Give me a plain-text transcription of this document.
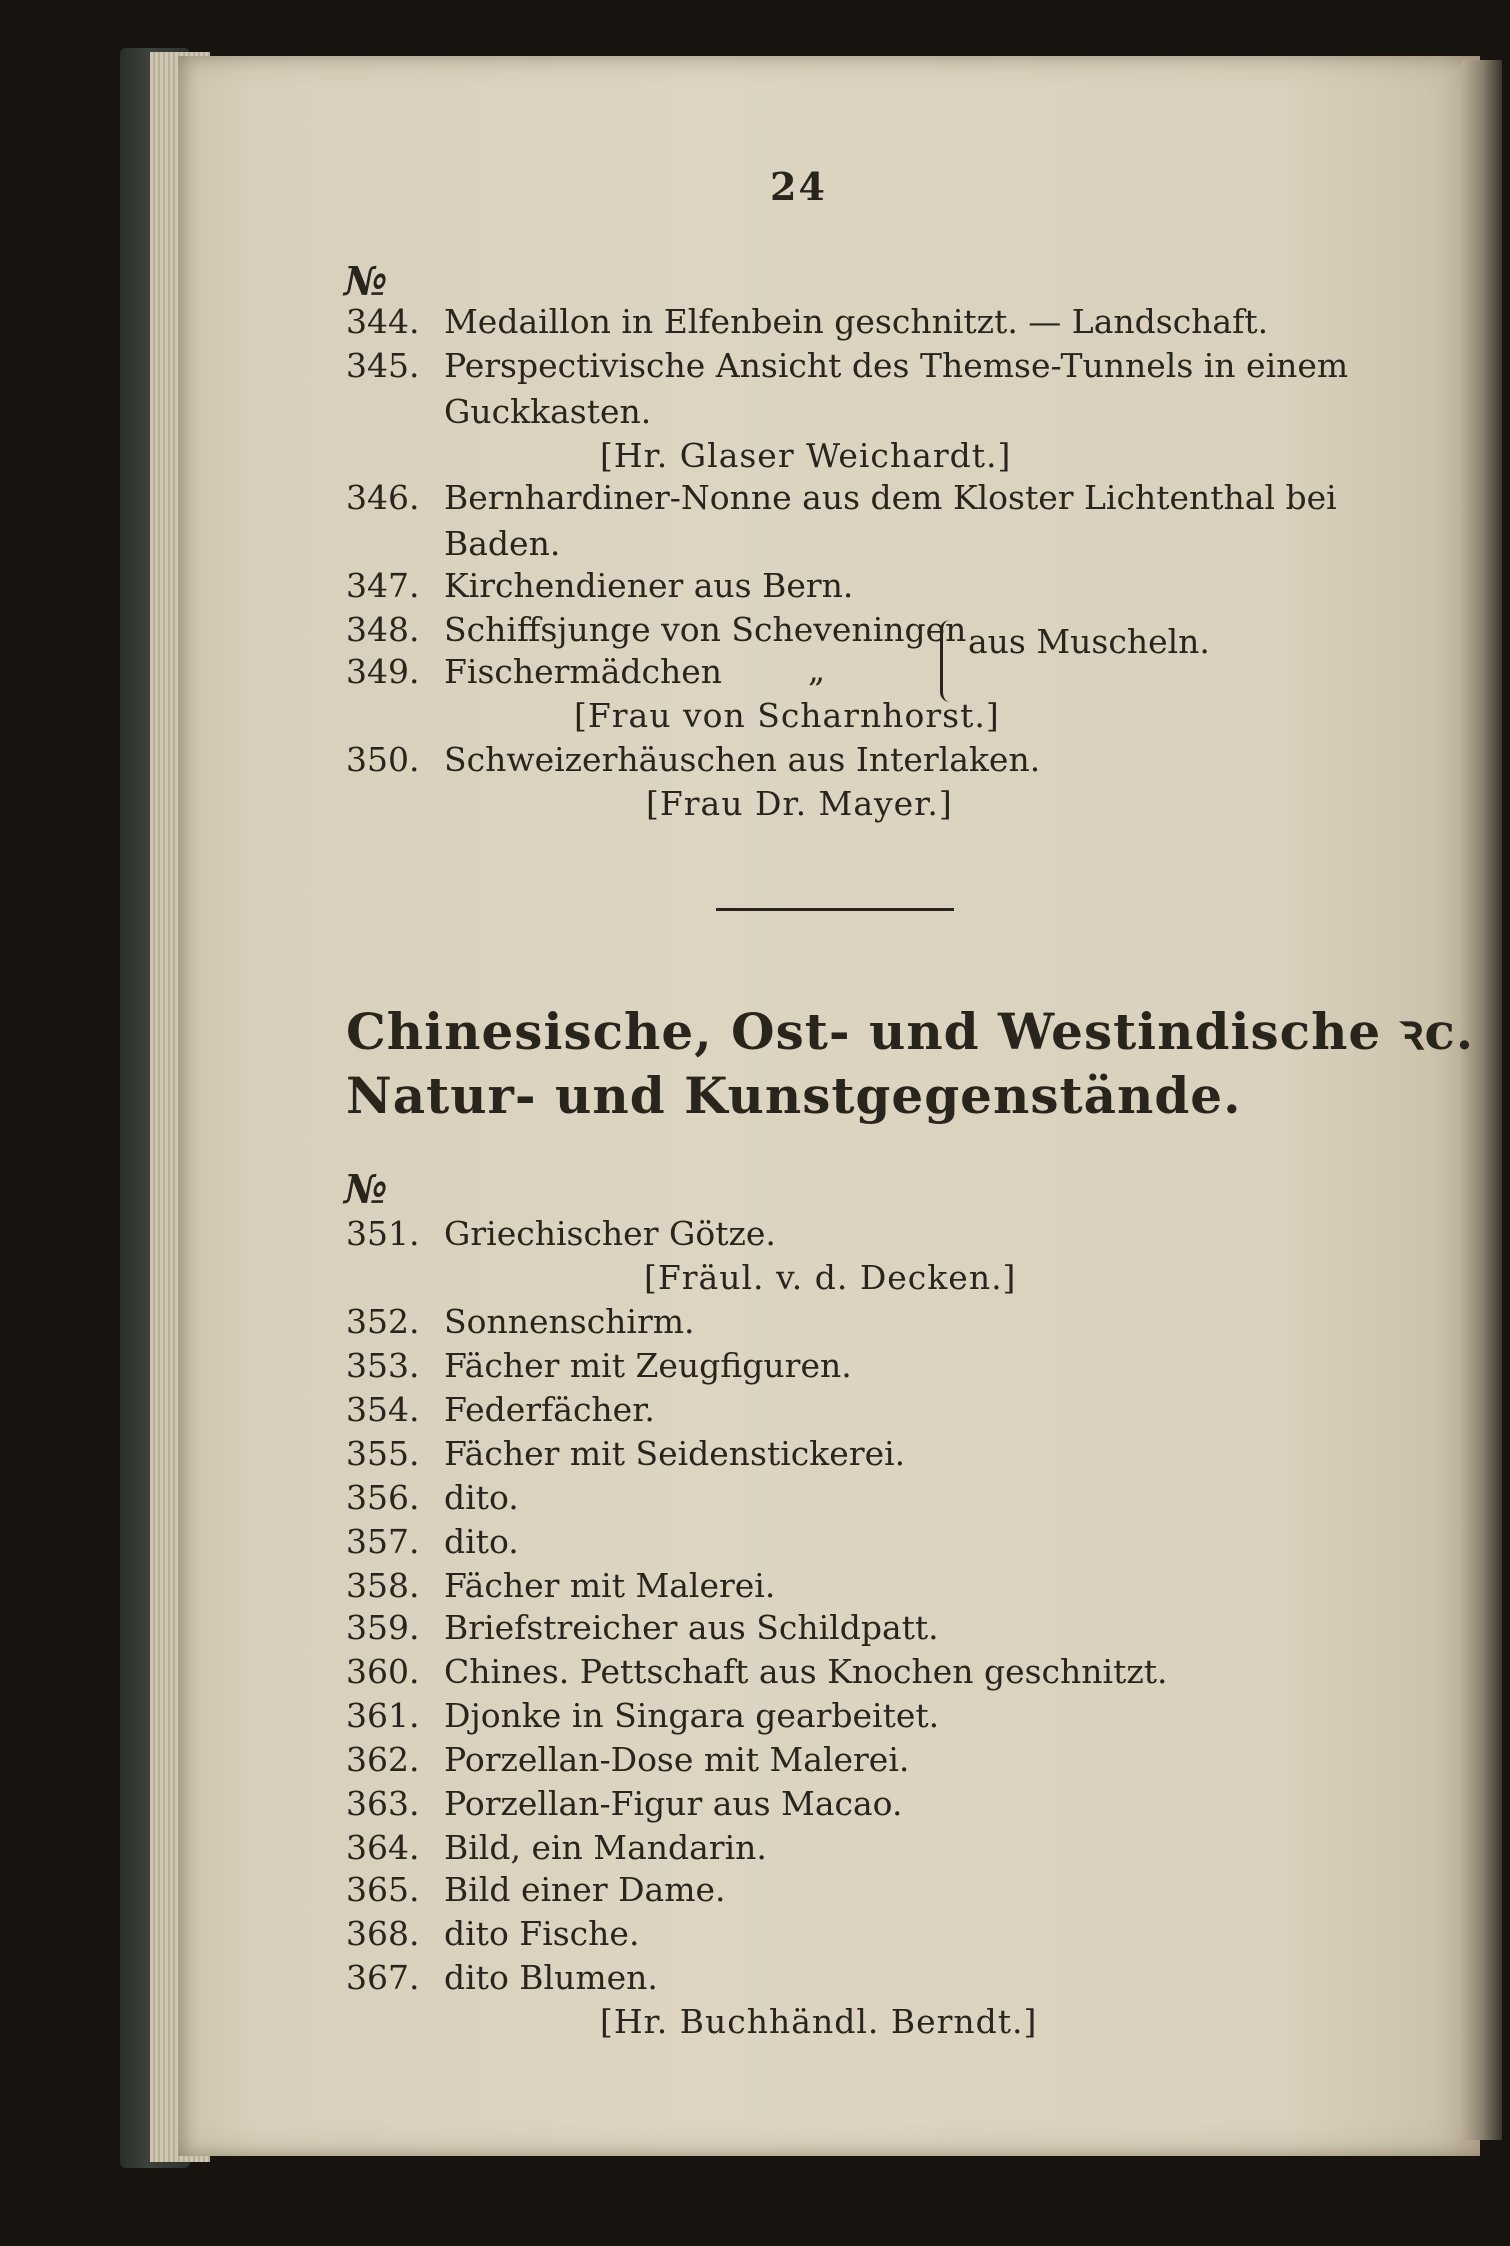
24
№
344. Medaillon in Elfenbein geschnitzt. — Landschaft.
345. Perspectivische Ansicht des Themse-Tunnels in einem
Guckkasten.
[Hr. Glaser Weichardt.]
346. Bernhardiner-Nonne aus dem Kloster Lichtenthal bei
Baden.
347. Kirchendiener aus Bern.
348. Schiffsjunge von Scheveningen
349. Fischermädchen	„
aus Muscheln.
[Frau von Scharnhorst.]
350. Schweizerhäuschen aus Interlaken.
[Frau Dr. Mayer.]
Chinesische, Ost- und Westindische ꝛc.
Natur- und Kunstgegenstände.
№
351. Griechischer Götze.
[Fräul. v. d. Decken.]
352. Sonnenschirm.
353. Fächer mit Zeugfiguren.
354. Federfächer.
355. Fächer mit Seidenstickerei.
356. dito.
357. dito.
358. Fächer mit Malerei.
359. Briefstreicher aus Schildpatt.
360. Chines. Pettschaft aus Knochen geschnitzt.
361. Djonke in Singara gearbeitet.
362. Porzellan-Dose mit Malerei.
363. Porzellan-Figur aus Macao.
364. Bild, ein Mandarin.
365. Bild einer Dame.
368. dito Fische.
367. dito Blumen.
[Hr. Buchhändl. Berndt.]
